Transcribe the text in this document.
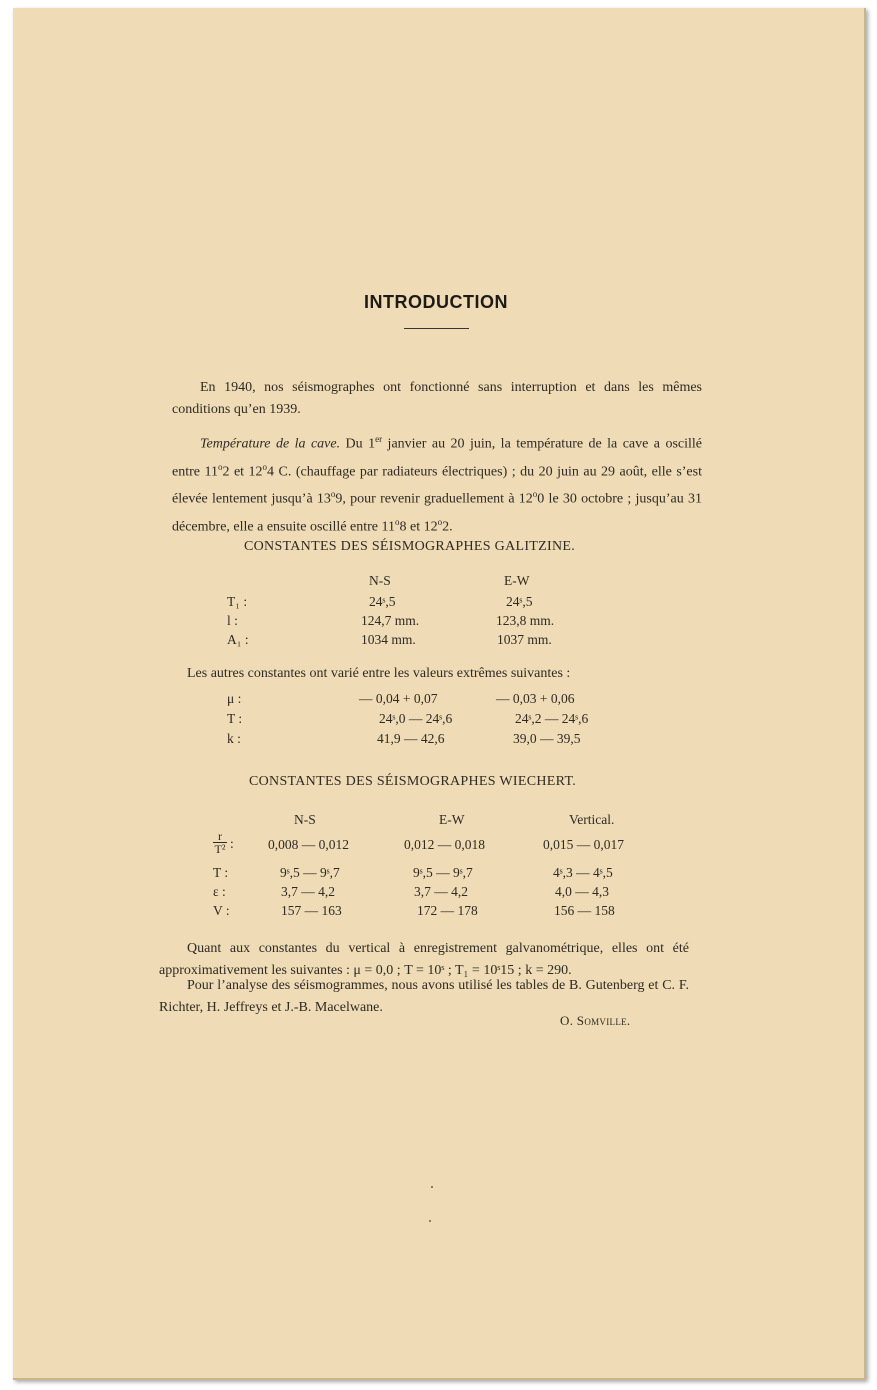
INTRODUCTION
En 1940, nos séismographes ont fonctionné sans interruption et dans les mêmes conditions qu’en 1939.
Température de la cave. Du 1er janvier au 20 juin, la température de la cave a oscillé entre 11$^o$2 et 12$^o$4 C. (chauffage par radiateurs électriques) ; du 20 juin au 29 août, elle s’est élevée lentement jusqu’à 13$^o$9, pour revenir graduellement à 12$^o$0 le 30 octobre ; jusqu’au 31 décembre, elle a ensuite oscillé entre 11$^o$8 et 12$^o$2.
CONSTANTES DES SÉISMOGRAPHES GALITZINE.
N-S	E-W
T₁ :	24ˢ,5	24ˢ,5
l :	124,7 mm.	123,8 mm.
A₁ :	1034 mm.	1037 mm.
Les autres constantes ont varié entre les valeurs extrêmes suivantes :
μ :	— 0,04 + 0,07	— 0,03 + 0,06
T :	24ˢ,0 — 24ˢ,6	24ˢ,2 — 24ˢ,6
k :	41,9 — 42,6	39,0 — 39,5
CONSTANTES DES SÉISMOGRAPHES WIECHERT.
N-S	E-W	Vertical.
$\frac{r}{\text{T²}}$ :	0,008 — 0,012	0,012 — 0,018	0,015 — 0,017
T :	9ˢ,5 — 9ˢ,7	9ˢ,5 — 9ˢ,7	4ˢ,3 — 4ˢ,5
ε :	3,7 — 4,2	3,7 — 4,2	4,0 — 4,3
V :	157 — 163	172 — 178	156 — 158
Quant aux constantes du vertical à enregistrement galvanométrique, elles ont été approximativement les suivantes : μ = 0,0 ; T = 10ˢ ; T₁ = 10ˢ15 ; k = 290.
Pour l’analyse des séismogrammes, nous avons utilisé les tables de B. Gutenberg et C. F. Richter, H. Jeffreys et J.-B. Macelwane.
O. Somville.
